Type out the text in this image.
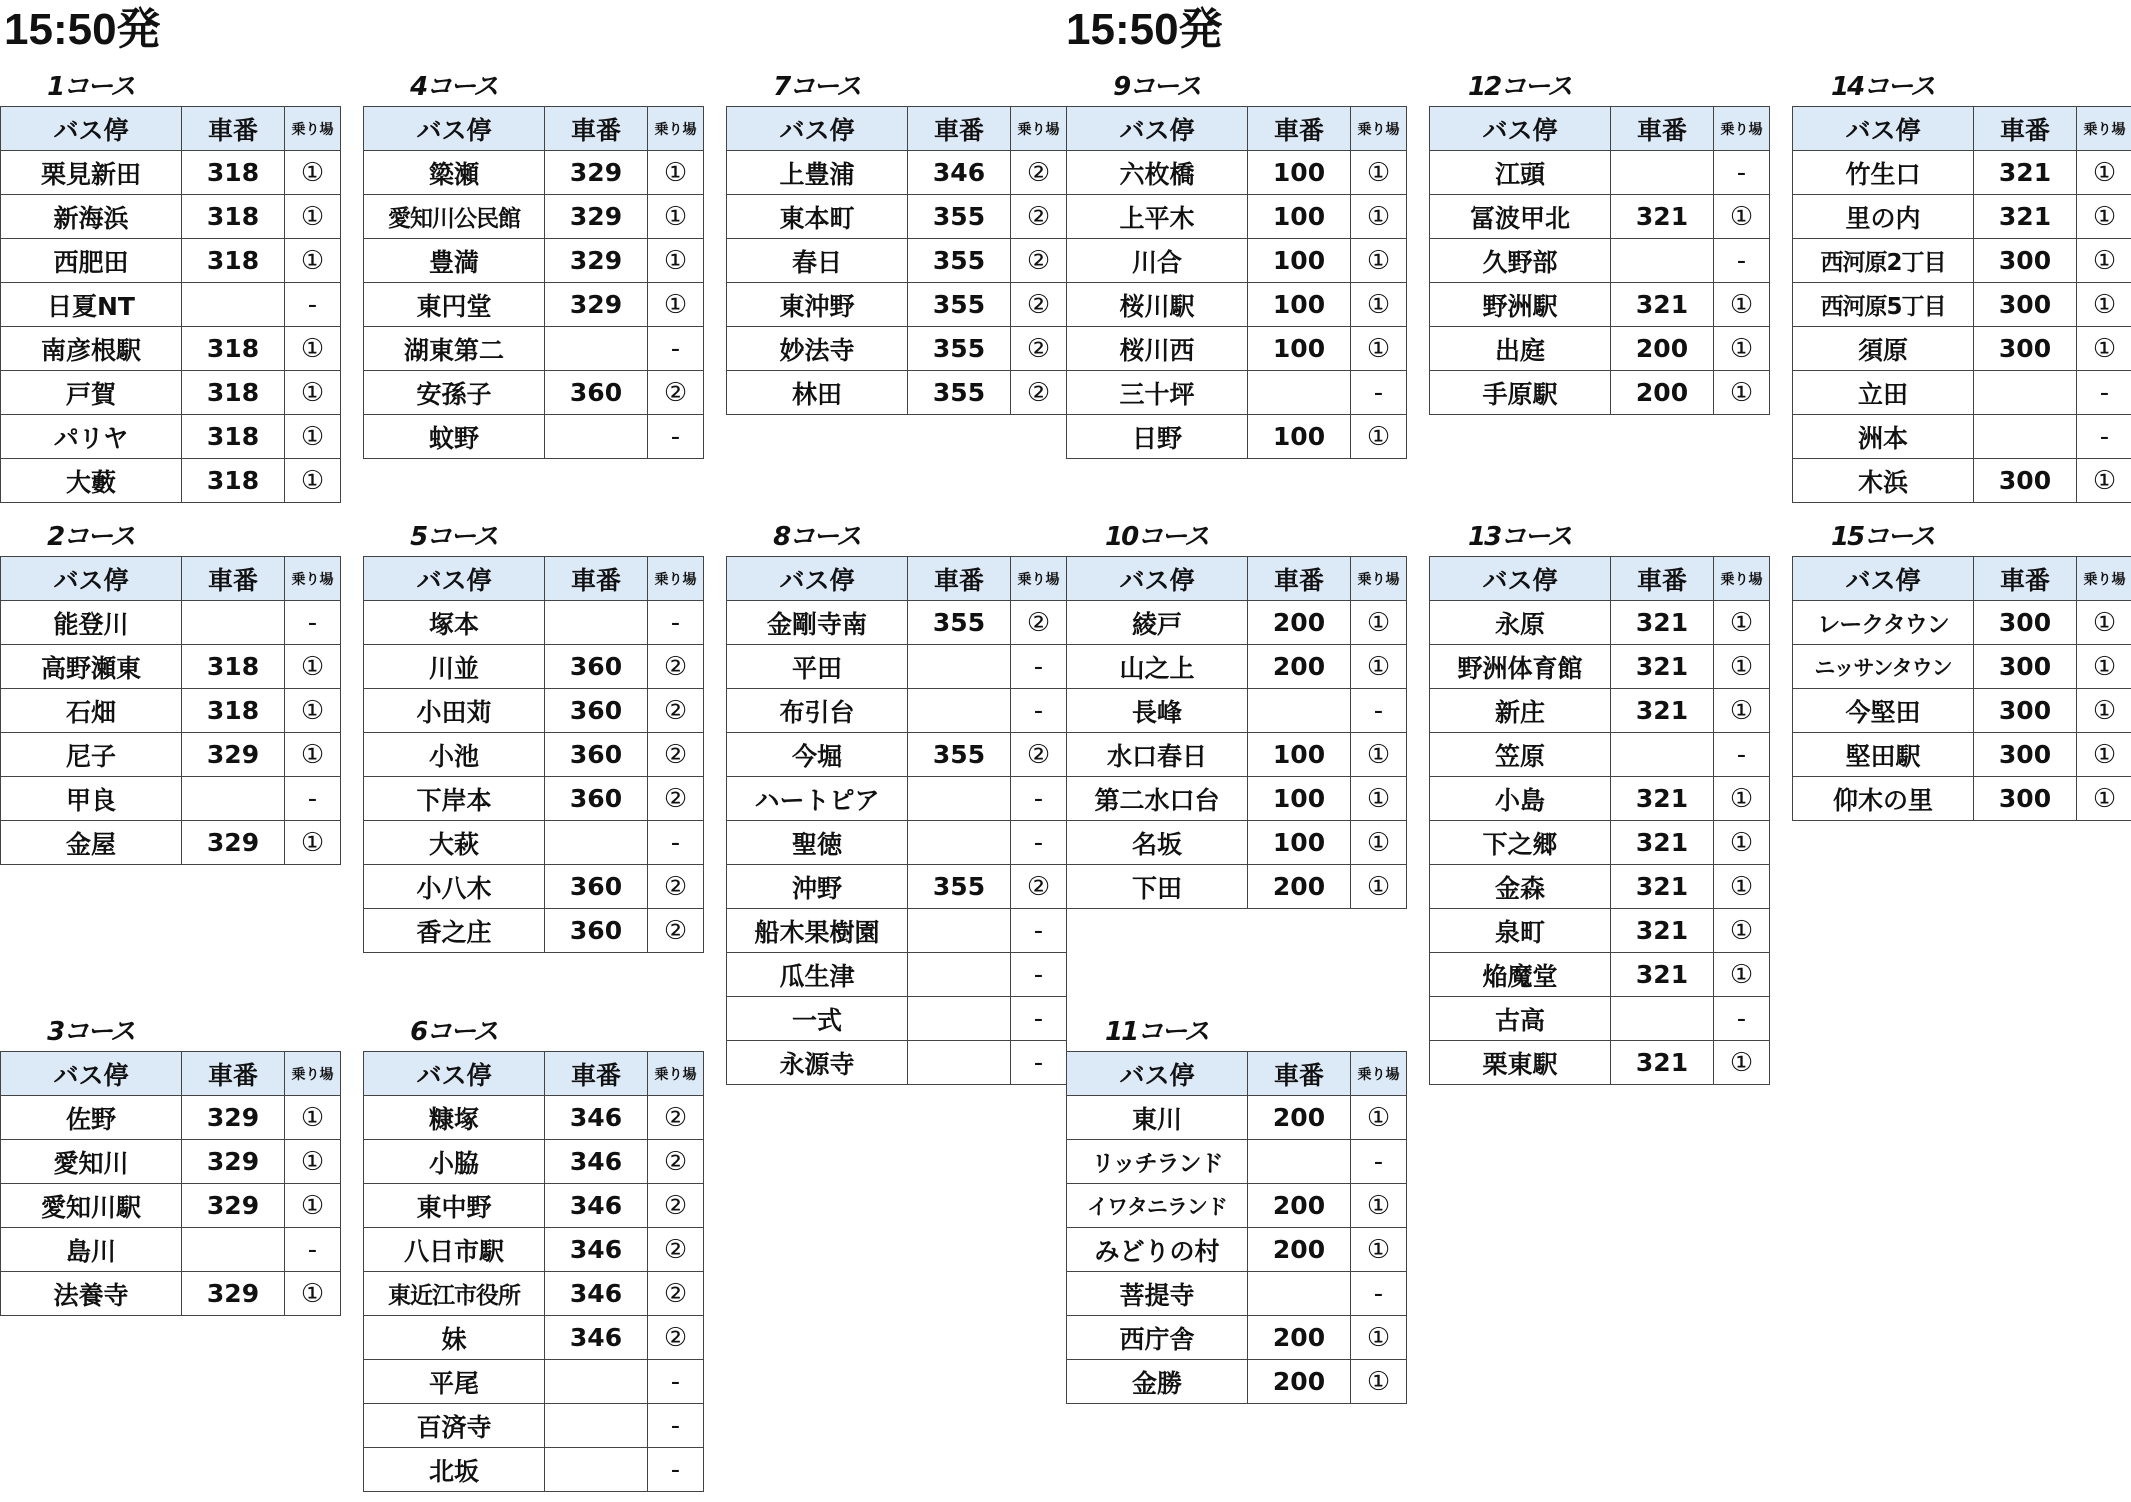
15:50発	15:50発
1コース
バス停	車番	乗り場
栗見新田	318	①
新海浜	318	①
西肥田	318	①
日夏NT		-
南彦根駅	318	①
戸賀	318	①
パリヤ	318	①
大藪	318	①
2コース
バス停	車番	乗り場
能登川		-
高野瀬東	318	①
石畑	318	①
尼子	329	①
甲良		-
金屋	329	①
3コース
バス停	車番	乗り場
佐野	329	①
愛知川	329	①
愛知川駅	329	①
島川		-
法養寺	329	①
4コース
バス停	車番	乗り場
簗瀬	329	①
愛知川公民館	329	①
豊満	329	①
東円堂	329	①
湖東第二		-
安孫子	360	②
蚊野		-
5コース
バス停	車番	乗り場
塚本		-
川並	360	②
小田苅	360	②
小池	360	②
下岸本	360	②
大萩		-
小八木	360	②
香之庄	360	②
6コース
バス停	車番	乗り場
糠塚	346	②
小脇	346	②
東中野	346	②
八日市駅	346	②
東近江市役所	346	②
妹	346	②
平尾		-
百済寺		-
北坂		-
7コース
バス停	車番	乗り場
上豊浦	346	②
東本町	355	②
春日	355	②
東沖野	355	②
妙法寺	355	②
林田	355	②
8コース
バス停	車番	乗り場
金剛寺南	355	②
平田		-
布引台		-
今堀	355	②
ハートピア		-
聖徳		-
沖野	355	②
船木果樹園		-
瓜生津		-
一式		-
永源寺		-
9コース
バス停	車番	乗り場
六枚橋	100	①
上平木	100	①
川合	100	①
桜川駅	100	①
桜川西	100	①
三十坪		-
日野	100	①
10コース
バス停	車番	乗り場
綾戸	200	①
山之上	200	①
長峰		-
水口春日	100	①
第二水口台	100	①
名坂	100	①
下田	200	①
11コース
バス停	車番	乗り場
東川	200	①
リッチランド		-
イワタニランド	200	①
みどりの村	200	①
菩提寺		-
西庁舎	200	①
金勝	200	①
12コース
バス停	車番	乗り場
江頭		-
冨波甲北	321	①
久野部		-
野洲駅	321	①
出庭	200	①
手原駅	200	①
13コース
バス停	車番	乗り場
永原	321	①
野洲体育館	321	①
新庄	321	①
笠原		-
小島	321	①
下之郷	321	①
金森	321	①
泉町	321	①
焔魔堂	321	①
古高		-
栗東駅	321	①
14コース
バス停	車番	乗り場
竹生口	321	①
里の内	321	①
西河原2丁目	300	①
西河原5丁目	300	①
須原	300	①
立田		-
洲本		-
木浜	300	①
15コース
バス停	車番	乗り場
レークタウン	300	①
ニッサンタウン	300	①
今堅田	300	①
堅田駅	300	①
仰木の里	300	①
